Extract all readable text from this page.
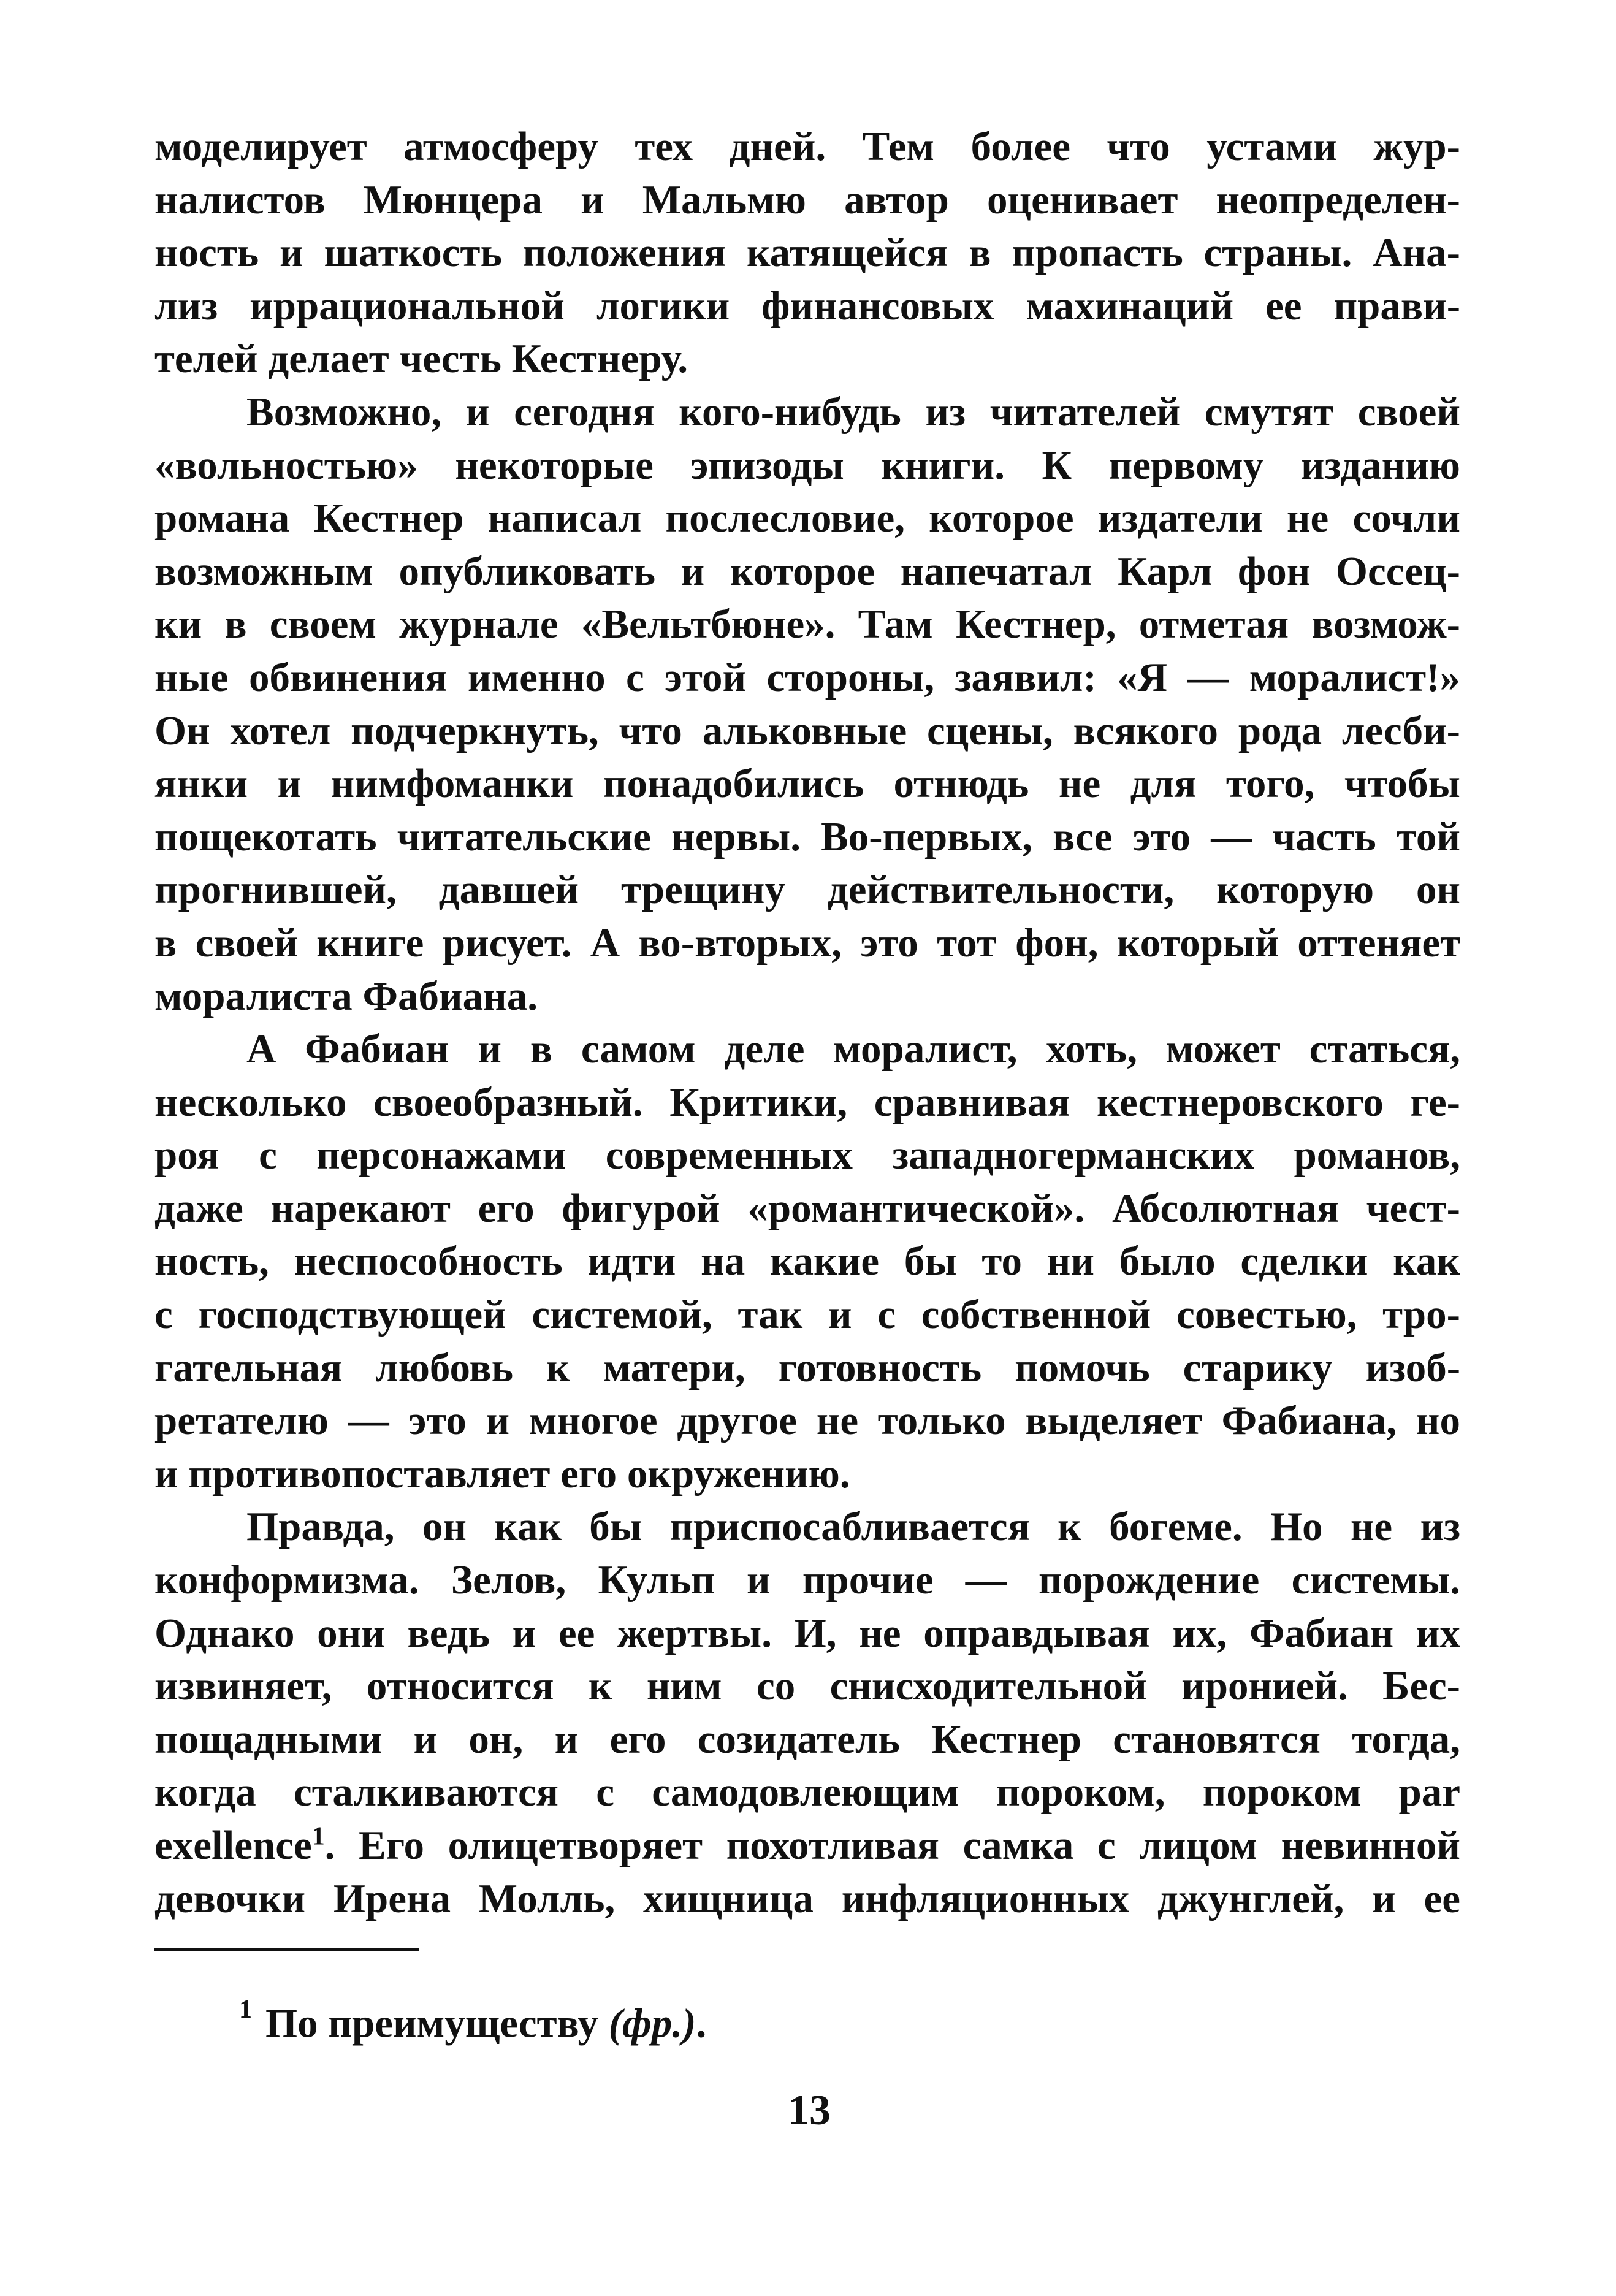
моделирует атмосферу тех дней. Тем более что устами жур-
налистов Мюнцера и Мальмю автор оценивает неопределен-
ность и шаткость положения катящейся в пропасть страны. Ана-
лиз иррациональной логики финансовых махинаций ее прави-
телей делает честь Кестнеру.
Возможно, и сегодня кого-нибудь из читателей смутят своей
«вольностью» некоторые эпизоды книги. К первому изданию
романа Кестнер написал послесловие, которое издатели не сочли
возможным опубликовать и которое напечатал Карл фон Оссец-
ки в своем журнале «Вельтбюне». Там Кестнер, отметая возмож-
ные обвинения именно с этой стороны, заявил: «Я — моралист!»
Он хотел подчеркнуть, что альковные сцены, всякого рода лесби-
янки и нимфоманки понадобились отнюдь не для того, чтобы
пощекотать читательские нервы. Во-первых, все это — часть той
прогнившей, давшей трещину действительности, которую он
в своей книге рисует. А во-вторых, это тот фон, который оттеняет
моралиста Фабиана.
А Фабиан и в самом деле моралист, хоть, может статься,
несколько своеобразный. Критики, сравнивая кестнеровского ге-
роя с персонажами современных западногерманских романов,
даже нарекают его фигурой «романтической». Абсолютная чест-
ность, неспособность идти на какие бы то ни было сделки как
с господствующей системой, так и с собственной совестью, тро-
гательная любовь к матери, готовность помочь старику изоб-
ретателю — это и многое другое не только выделяет Фабиана, но
и противопоставляет его окружению.
Правда, он как бы приспосабливается к богеме. Но не из
конформизма. Зелов, Кульп и прочие — порождение системы.
Однако они ведь и ее жертвы. И, не оправдывая их, Фабиан их
извиняет, относится к ним со снисходительной иронией. Бес-
пощадными и он, и его созидатель Кестнер становятся тогда,
когда сталкиваются с самодовлеющим пороком, пороком par
exellence$^1$. Его олицетворяет похотливая самка с лицом невинной
девочки Ирена Молль, хищница инфляционных джунглей, и ее
$^1$ По преимуществу (фр.).
13
